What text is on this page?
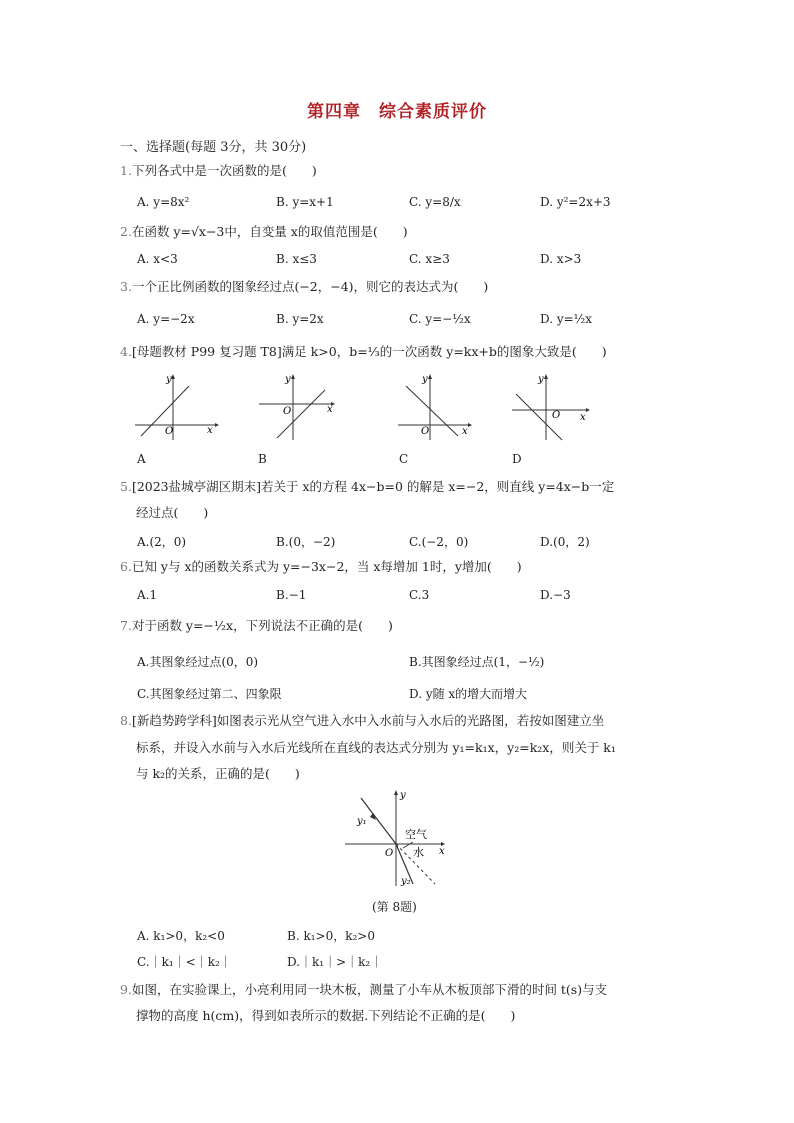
第四章　综合素质评价
一、选择题(每题 3分，共 30分)
1.下列各式中是一次函数的是(　　)
A. y=8x²	B. y=x+1	C. y=8/x	D. y²=2x+3
2.在函数 y=√x−3中，自变量 x的取值范围是(　　)
A. x<3	B. x≤3	C. x≥3	D. x>3
3.一个正比例函数的图象经过点(−2，−4)，则它的表达式为(　　)
A. y=−2x	B. y=2x	C. y=−½x	D. y=½x
4.[母题教材 P99 复习题 T8]满足 k>0，b=⅓的一次函数 y=kx+b的图象大致是(　　)
O	x
y
O	x
y
O	x
y
O x
y
A	B	C	D
5.[2023盐城亭湖区期末]若关于 x的方程 4x−b=0 的解是 x=−2，则直线 y=4x−b一定
经过点(　　)
A.(2，0)	B.(0，−2)	C.(−2，0)	D.(0，2)
6.已知 y与 x的函数关系式为 y=−3x−2，当 x每增加 1时，y增加(　　)
A.1	B.−1	C.3	D.−3
7.对于函数 y=−½x，下列说法不正确的是(　　)
A.其图象经过点(0，0)	B.其图象经过点(1，−½)
C.其图象经过第二、四象限	D. y随 x的增大而增大
8.[新趋势跨学科]如图表示光从空气进入水中入水前与入水后的光路图，若按如图建立坐
标系，并设入水前与入水后光线所在直线的表达式分别为 y₁=k₁x，y₂=k₂x，则关于 k₁
与 k₂的关系，正确的是(　　)
y₁
y₂
空气
水
O	x
y
(第 8题)
A. k₁>0，k₂<0	B. k₁>0，k₂>0
C.｜k₁｜<｜k₂｜	D.｜k₁｜>｜k₂｜
9.如图，在实验课上，小亮利用同一块木板，测量了小车从木板顶部下滑的时间 t(s)与支
撑物的高度 h(cm)，得到如表所示的数据.下列结论不正确的是(　　)
